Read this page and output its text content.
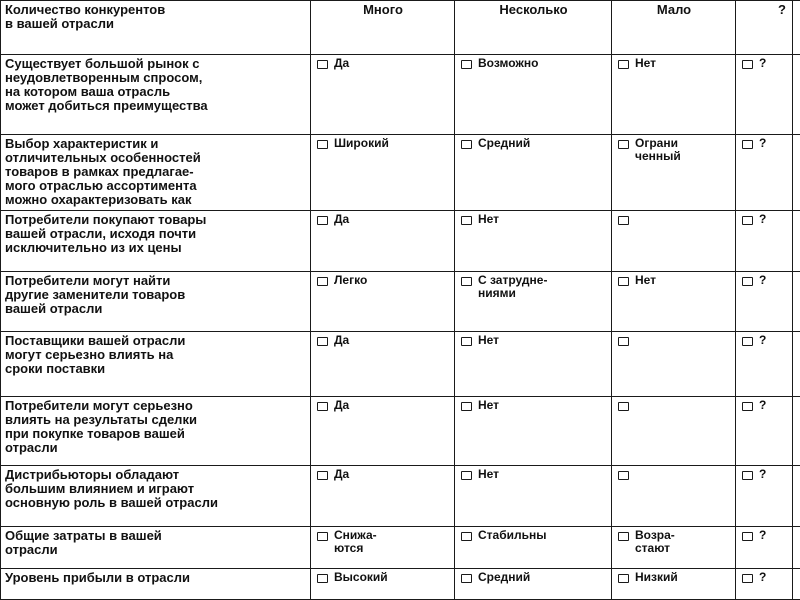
Количество конкурентов
в вашей отрасли	Много	Несколько	Мало	?	
Существует большой рынок с
неудовлетворенным спросом,
на котором ваша отрасль
может добиться преимущества	Да	Возможно	Нет	?	

Выбор характеристик и
отличительных особенностей
товаров в рамках предлагае-
мого отраслью ассортимента
можно охарактеризовать как	Широкий	Средний	Ограни
ченный	?	

Потребители покупают товары
вашей отрасли, исходя почти
исключительно из их цены	Да	Нет		?	

Потребители могут найти
другие заменители товаров
вашей отрасли	Легко	С затрудне-
ниями	Нет	?	

Поставщики вашей отрасли
могут серьезно влиять на
сроки поставки	Да	Нет		?	

Потребители могут серьезно
влиять на результаты сделки
при покупке товаров вашей
отрасли	Да	Нет		?	

Дистрибьюторы обладают
большим влиянием и играют
основную роль в вашей отрасли	Да	Нет		?	

Общие затраты в вашей
отрасли	Снижа-
ются	Стабильны	Возра-
стают	?	

Уровень прибыли в отрасли	Высокий	Средний	Низкий	?	
